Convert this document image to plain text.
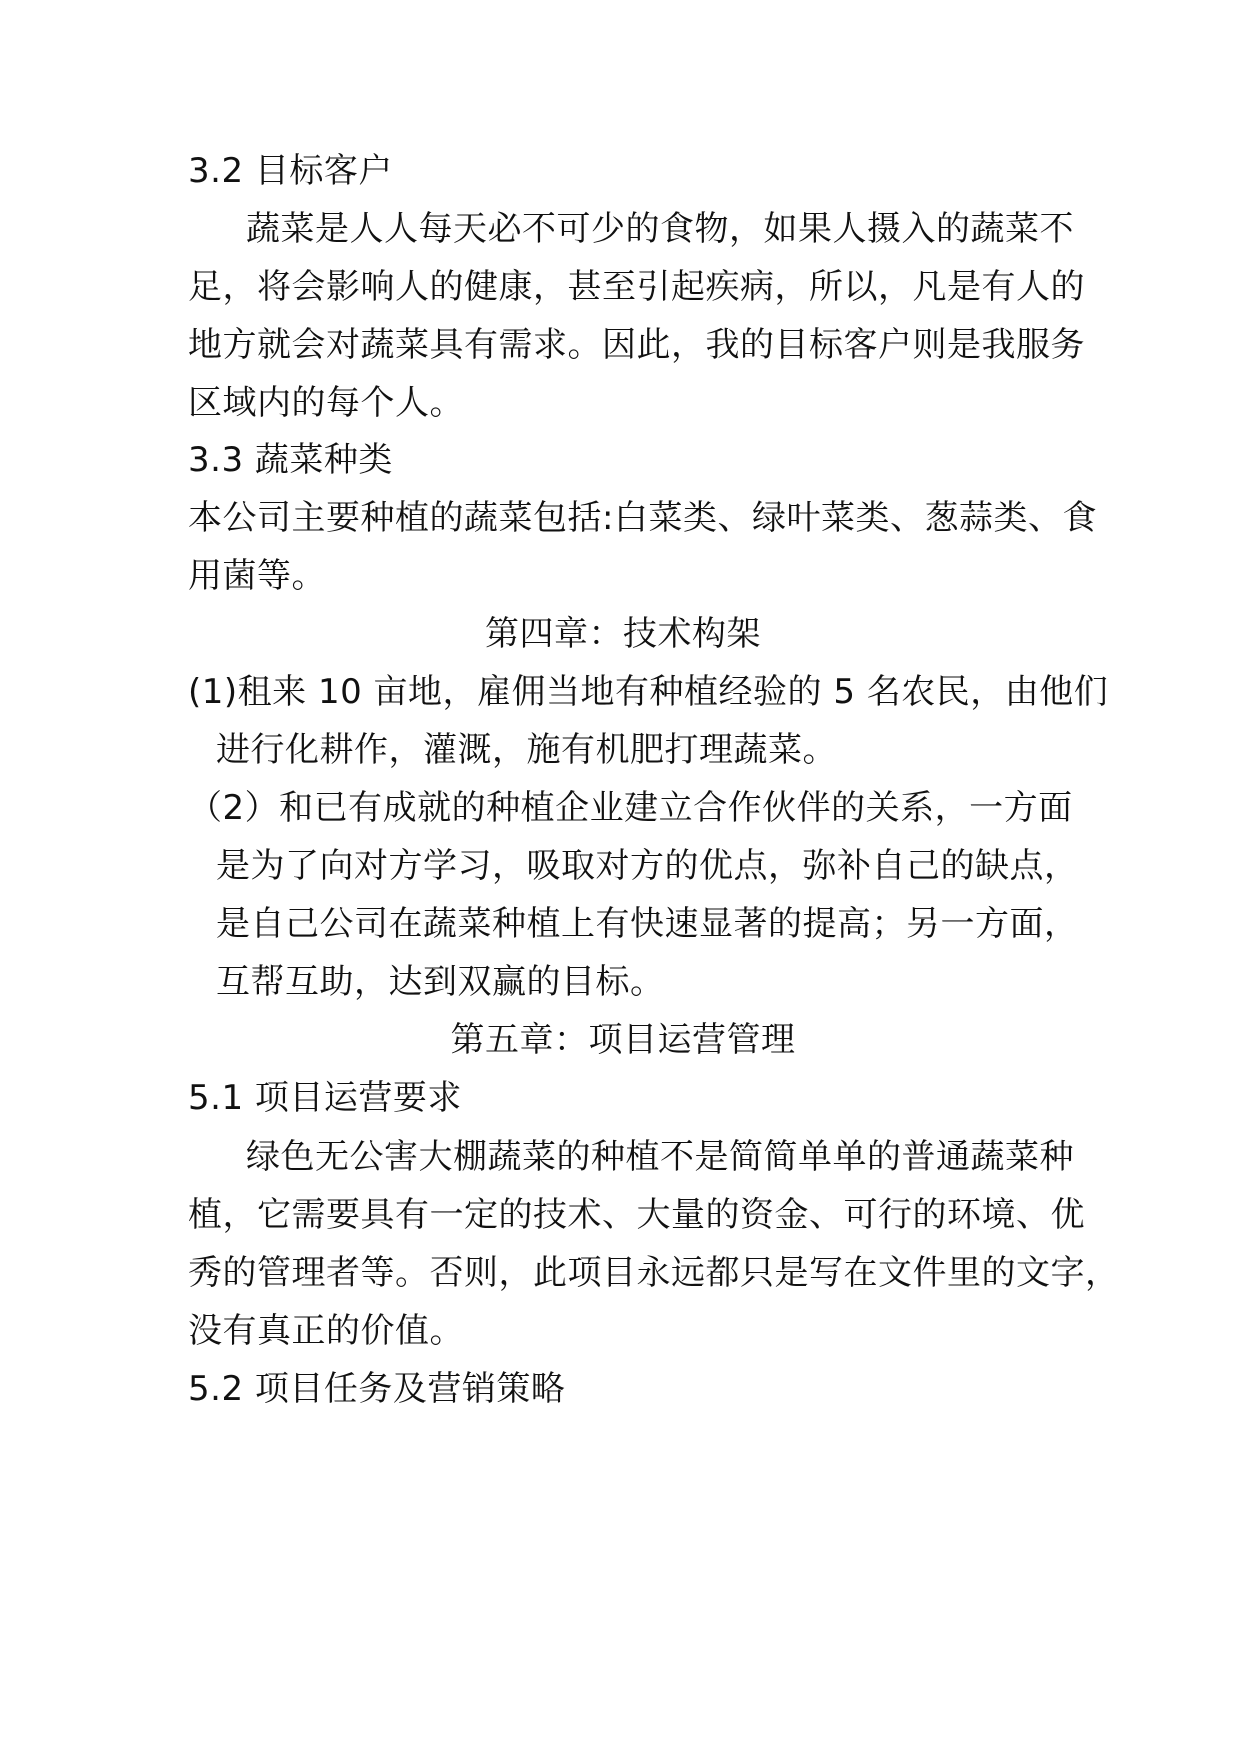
3.2 目标客户
蔬菜是人人每天必不可少的食物，如果人摄入的蔬菜不
足，将会影响人的健康，甚至引起疾病，所以，凡是有人的
地方就会对蔬菜具有需求。因此，我的目标客户则是我服务
区域内的每个人。
3.3 蔬菜种类
本公司主要种植的蔬菜包括:白菜类、绿叶菜类、葱蒜类、食
用菌等。
第四章：技术构架
(1)租来 10 亩地，雇佣当地有种植经验的 5 名农民，由他们
进行化耕作，灌溉，施有机肥打理蔬菜。
（2）和已有成就的种植企业建立合作伙伴的关系，一方面
是为了向对方学习，吸取对方的优点，弥补自己的缺点，
是自己公司在蔬菜种植上有快速显著的提高；另一方面，
互帮互助，达到双赢的目标。
第五章：项目运营管理
5.1 项目运营要求
绿色无公害大棚蔬菜的种植不是简简单单的普通蔬菜种
植，它需要具有一定的技术、大量的资金、可行的环境、优
秀的管理者等。否则，此项目永远都只是写在文件里的文字，
没有真正的价值。
5.2 项目任务及营销策略
